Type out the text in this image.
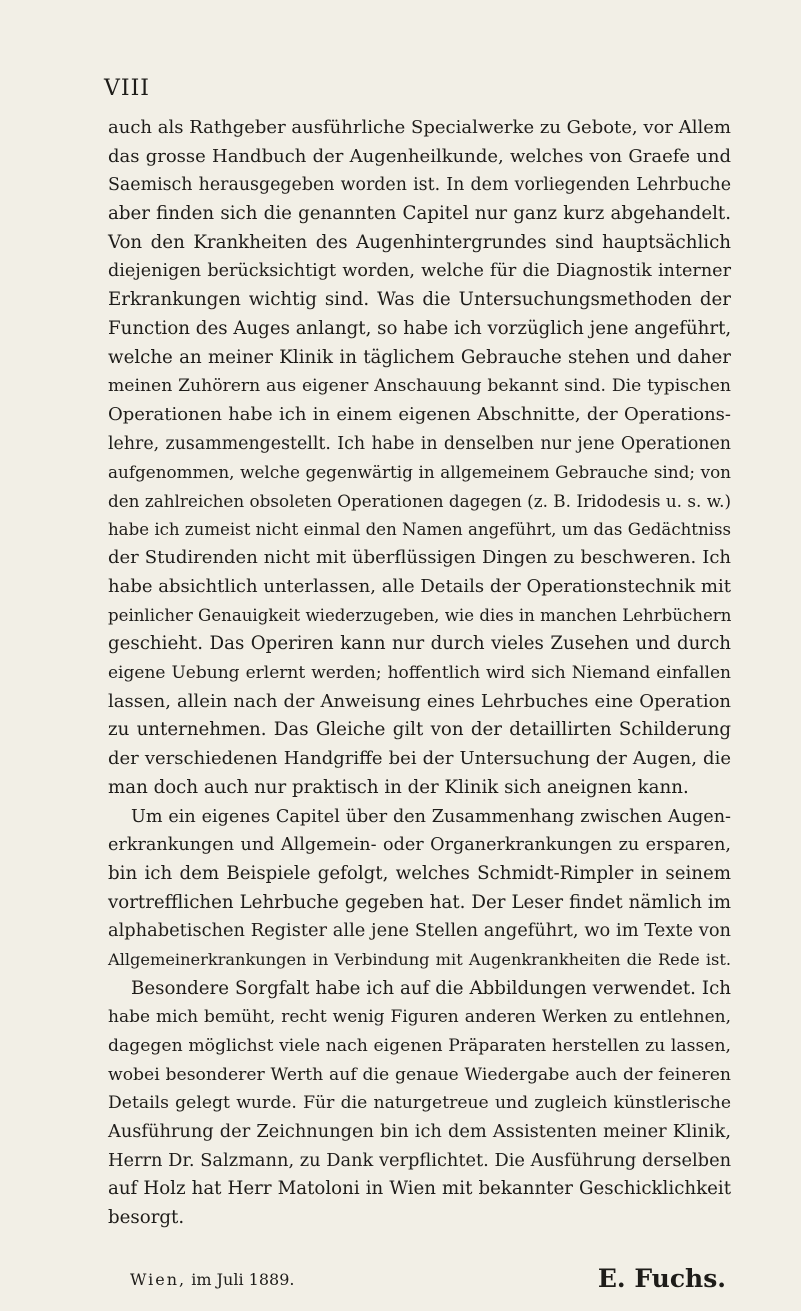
VIII
auch als Rathgeber ausführliche Specialwerke zu Gebote, vor Allem
das grosse Handbuch der Augenheilkunde, welches von Graefe und
Saemisch herausgegeben worden ist. In dem vorliegenden Lehrbuche
aber finden sich die genannten Capitel nur ganz kurz abgehandelt.
Von den Krankheiten des Augenhintergrundes sind hauptsächlich
diejenigen berücksichtigt worden, welche für die Diagnostik interner
Erkrankungen wichtig sind. Was die Untersuchungsmethoden der
Function des Auges anlangt, so habe ich vorzüglich jene angeführt,
welche an meiner Klinik in täglichem Gebrauche stehen und daher
meinen Zuhörern aus eigener Anschauung bekannt sind. Die typischen
Operationen habe ich in einem eigenen Abschnitte, der Operations-
lehre, zusammengestellt. Ich habe in denselben nur jene Operationen
aufgenommen, welche gegenwärtig in allgemeinem Gebrauche sind; von
den zahlreichen obsoleten Operationen dagegen (z. B. Iridodesis u. s. w.)
habe ich zumeist nicht einmal den Namen angeführt, um das Gedächtniss
der Studirenden nicht mit überflüssigen Dingen zu beschweren. Ich
habe absichtlich unterlassen, alle Details der Operationstechnik mit
peinlicher Genauigkeit wiederzugeben, wie dies in manchen Lehrbüchern
geschieht. Das Operiren kann nur durch vieles Zusehen und durch
eigene Uebung erlernt werden; hoffentlich wird sich Niemand einfallen
lassen, allein nach der Anweisung eines Lehrbuches eine Operation
zu unternehmen. Das Gleiche gilt von der detaillirten Schilderung
der verschiedenen Handgriffe bei der Untersuchung der Augen, die
man doch auch nur praktisch in der Klinik sich aneignen kann.
Um ein eigenes Capitel über den Zusammenhang zwischen Augen-
erkrankungen und Allgemein- oder Organerkrankungen zu ersparen,
bin ich dem Beispiele gefolgt, welches Schmidt-Rimpler in seinem
vortrefflichen Lehrbuche gegeben hat. Der Leser findet nämlich im
alphabetischen Register alle jene Stellen angeführt, wo im Texte von
Allgemeinerkrankungen in Verbindung mit Augenkrankheiten die Rede ist.
Besondere Sorgfalt habe ich auf die Abbildungen verwendet. Ich
habe mich bemüht, recht wenig Figuren anderen Werken zu entlehnen,
dagegen möglichst viele nach eigenen Präparaten herstellen zu lassen,
wobei besonderer Werth auf die genaue Wiedergabe auch der feineren
Details gelegt wurde. Für die naturgetreue und zugleich künstlerische
Ausführung der Zeichnungen bin ich dem Assistenten meiner Klinik,
Herrn Dr. Salzmann, zu Dank verpflichtet. Die Ausführung derselben
auf Holz hat Herr Matoloni in Wien mit bekannter Geschicklichkeit
besorgt.
Wien, im Juli 1889.	E. Fuchs.
